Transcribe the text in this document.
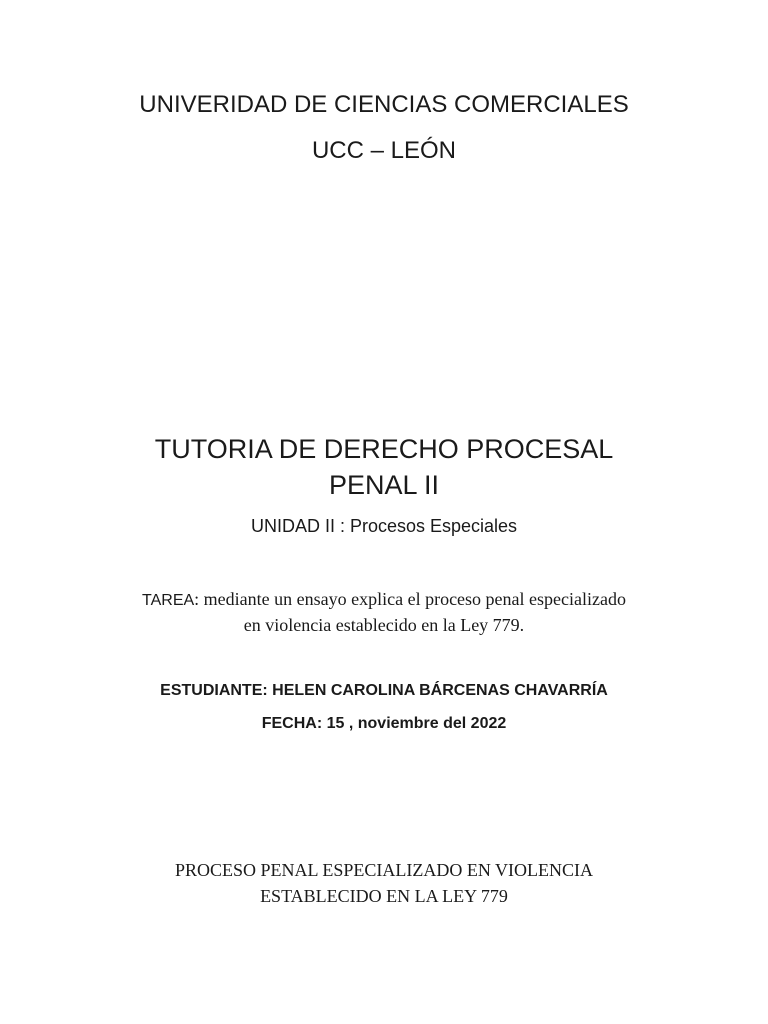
UNIVERIDAD DE CIENCIAS COMERCIALES
UCC – LEÓN
TUTORIA DE DERECHO PROCESAL
PENAL II
UNIDAD II : Procesos Especiales
TAREA: mediante un ensayo explica el proceso penal especializado
en violencia establecido en la Ley 779.
ESTUDIANTE: HELEN CAROLINA BÁRCENAS CHAVARRÍA
FECHA: 15 , noviembre del 2022
PROCESO PENAL ESPECIALIZADO EN VIOLENCIA
ESTABLECIDO EN LA LEY 779
